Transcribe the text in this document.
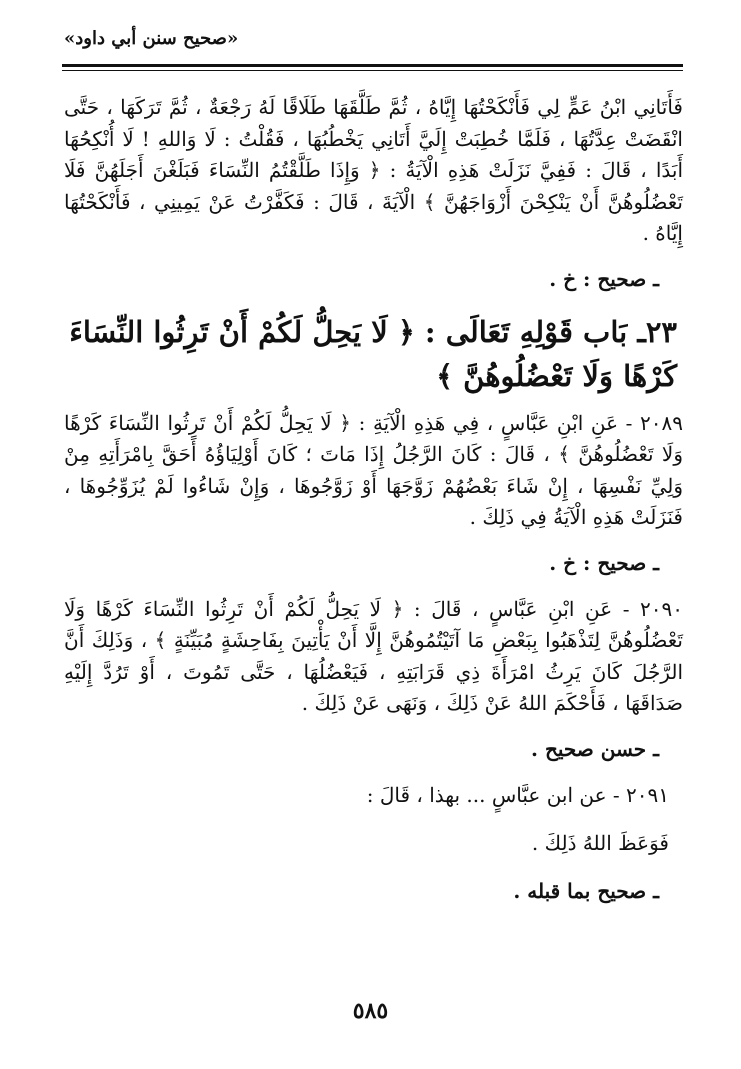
«صحيح سنن أبي داود»

فَأَتَانِي ابْنُ عَمٍّ لِي فَأَنْكَحْتُهَا إِيَّاهُ ، ثُمَّ طَلَّقَهَا طَلَاقًا لَهُ رَجْعَةٌ ، ثُمَّ تَرَكَهَا ، حَتَّى انْقَضَتْ عِدَّتُهَا ، فَلَمَّا خُطِبَتْ إِلَيَّ أَتَانِي يَخْطُبُهَا ، فَقُلْتُ : لَا وَاللهِ ! لَا أُنْكِحُهَا أَبَدًا ، قَالَ : فَفِيَّ نَزَلَتْ هَذِهِ الْآيَةُ : ﴿ وَإِذَا طَلَّقْتُمُ النِّسَاءَ فَبَلَغْنَ أَجَلَهُنَّ فَلَا تَعْضُلُوهُنَّ أَنْ يَنْكِحْنَ أَزْوَاجَهُنَّ ﴾ الْآيَةَ ، قَالَ : فَكَفَّرْتُ عَنْ يَمِينِي ، فَأَنْكَحْتُهَا إِيَّاهُ .

ـ صحيح : خ .

٢٣ـ بَاب قَوْلِهِ تَعَالَى : ﴿ لَا يَحِلُّ لَكُمْ أَنْ تَرِثُوا النِّسَاءَ كَرْهًا وَلَا تَعْضُلُوهُنَّ ﴾

٢٠٨٩ - عَنِ ابْنِ عَبَّاسٍ ، فِي هَذِهِ الْآيَةِ : ﴿ لَا يَحِلُّ لَكُمْ أَنْ تَرِثُوا النِّسَاءَ كَرْهًا وَلَا تَعْضُلُوهُنَّ ﴾ ، قَالَ : كَانَ الرَّجُلُ إِذَا مَاتَ ؛ كَانَ أَوْلِيَاؤُهُ أَحَقَّ بِامْرَأَتِهِ مِنْ وَلِيِّ نَفْسِهَا ، إِنْ شَاءَ بَعْضُهُمْ زَوَّجَهَا أَوْ زَوَّجُوهَا ، وَإِنْ شَاءُوا لَمْ يُزَوِّجُوهَا ، فَنَزَلَتْ هَذِهِ الْآيَةُ فِي ذَلِكَ .

ـ صحيح : خ .

٢٠٩٠ - عَنِ ابْنِ عَبَّاسٍ ، قَالَ : ﴿ لَا يَحِلُّ لَكُمْ أَنْ تَرِثُوا النِّسَاءَ كَرْهًا وَلَا تَعْضُلُوهُنَّ لِتَذْهَبُوا بِبَعْضِ مَا آتَيْتُمُوهُنَّ إِلَّا أَنْ يَأْتِينَ بِفَاحِشَةٍ مُبَيِّنَةٍ ﴾ ، وَذَلِكَ أَنَّ الرَّجُلَ كَانَ يَرِثُ امْرَأَةَ ذِي قَرَابَتِهِ ، فَيَعْضُلُهَا ، حَتَّى تَمُوتَ ، أَوْ تَرُدَّ إِلَيْهِ صَدَاقَهَا ، فَأَحْكَمَ اللهُ عَنْ ذَلِكَ ، وَنَهَى عَنْ ذَلِكَ .

ـ حسن صحيح .

٢٠٩١ - عن ابن عبَّاسٍ ... بهذا ، قَالَ :

فَوَعَظَ اللهُ ذَلِكَ .

ـ صحيح بما قبله .

٥٨٥
